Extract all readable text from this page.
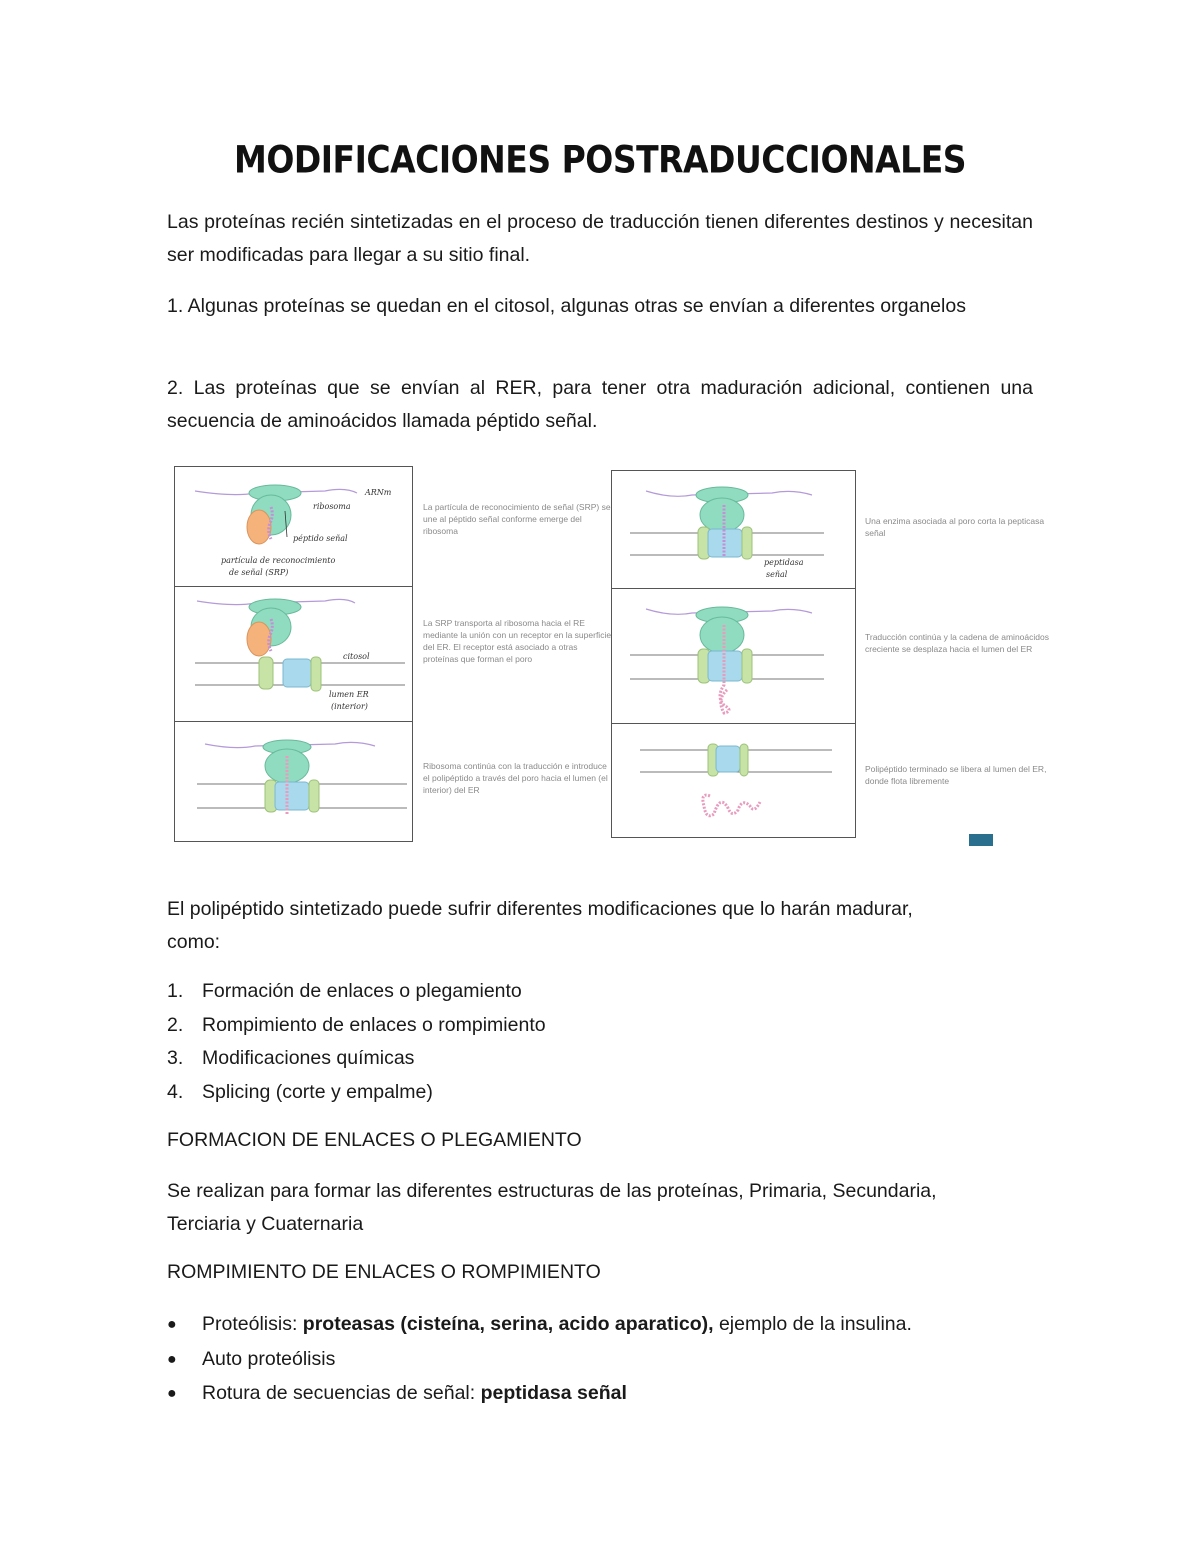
MODIFICACIONES POSTRADUCCIONALES
Las proteínas recién sintetizadas en el proceso de traducción tienen diferentes destinos y necesitan ser modificadas para llegar a su sitio final.
1. Algunas proteínas se quedan en el citosol, algunas otras se envían a diferentes organelos
2. Las proteínas que se envían al RER, para tener otra maduración adicional, contienen una secuencia de aminoácidos llamada péptido señal.
ARNm
ribosoma
péptido señal
partícula de reconocimiento
de señal (SRP)
La partícula de reconocimiento de señal (SRP) se une al péptido señal conforme emerge del ribosoma
citosol
lumen ER
(interior)
La SRP transporta al ribosoma hacia el RE mediante la unión con un receptor en la superficie del ER. El receptor está asociado a otras proteínas que forman el poro
Ribosoma continúa con la traducción e introduce el polipéptido a través del poro hacia el lumen (el interior) del ER
peptidasa
señal
Una enzima asociada al poro corta la pepticasa señal
Traducción continúa y la cadena de aminoácidos creciente se desplaza hacia el lumen del ER
Polipéptido terminado se libera al lumen del ER, donde flota libremente
El polipéptido sintetizado puede sufrir diferentes modificaciones que lo harán madurar, como:
1. Formación de enlaces o plegamiento
2. Rompimiento de enlaces o rompimiento
3. Modificaciones químicas
4. Splicing (corte y empalme)
FORMACION DE ENLACES O PLEGAMIENTO
Se realizan para formar las diferentes estructuras de las proteínas, Primaria, Secundaria, Terciaria y Cuaternaria
ROMPIMIENTO DE ENLACES O ROMPIMIENTO
● Proteólisis: proteasas (cisteína, serina, acido aparatico), ejemplo de la insulina.
● Auto proteólisis
● Rotura de secuencias de señal: peptidasa señal
